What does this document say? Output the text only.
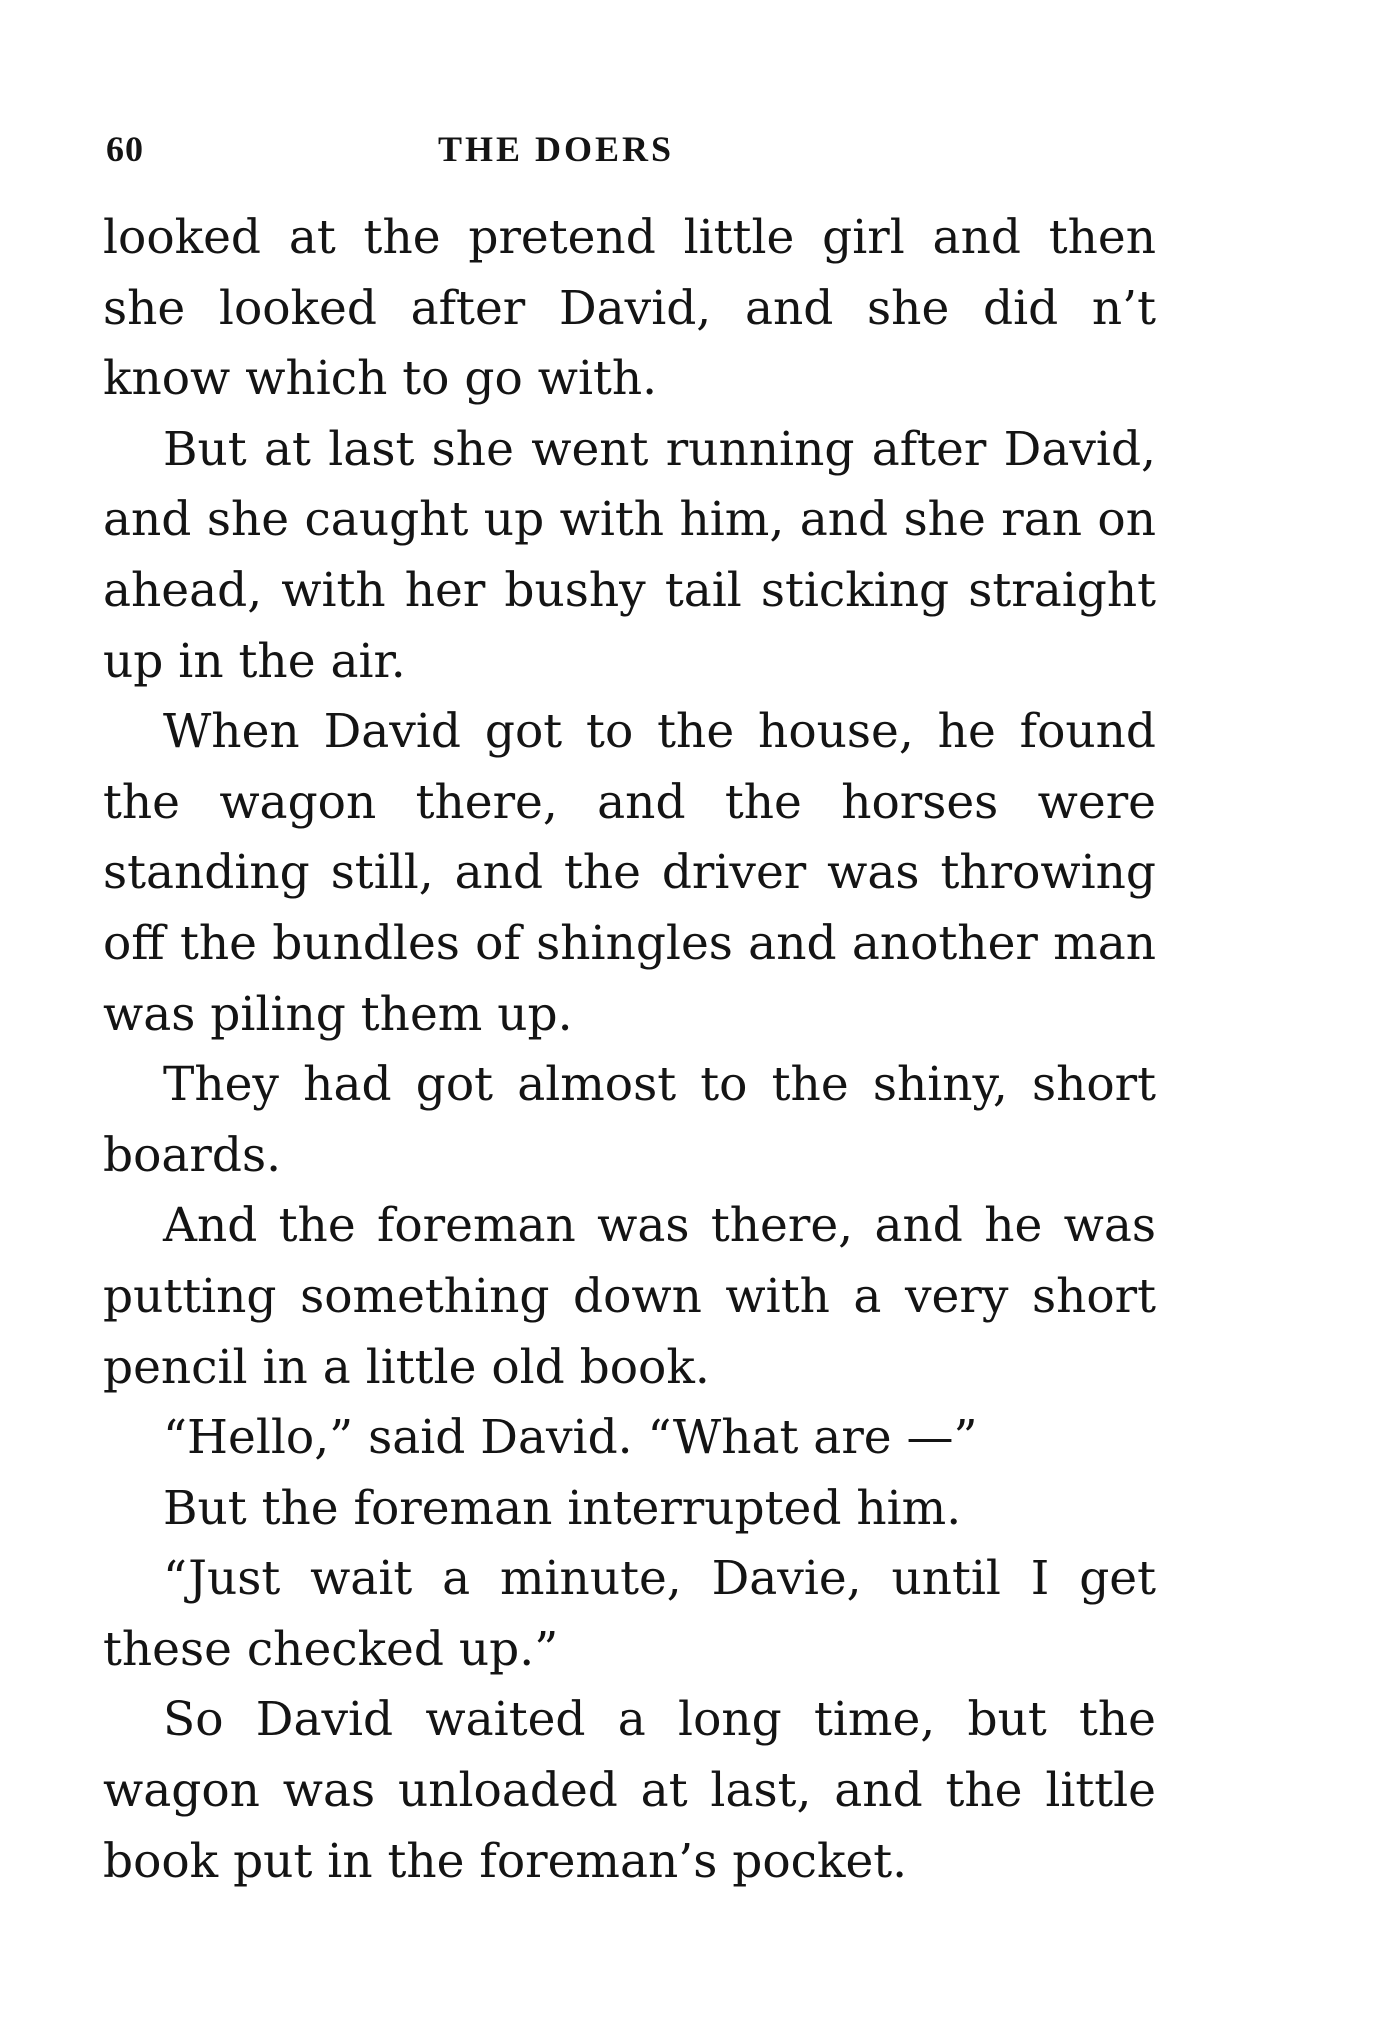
60	THE DOERS

looked at the pretend little girl and then she looked after David, and she did n’t know which to go with.

But at last she went running after David, and she caught up with him, and she ran on ahead, with her bushy tail sticking straight up in the air.

When David got to the house, he found the wagon there, and the horses were standing still, and the driver was throwing off the bundles of shingles and another man was piling them up.

They had got almost to the shiny, short boards.

And the foreman was there, and he was putting something down with a very short pencil in a little old book.

“Hello,” said David. “What are —”

But the foreman interrupted him.

“Just wait a minute, Davie, until I get these checked up.”

So David waited a long time, but the wagon was unloaded at last, and the little book put in the foreman’s pocket.
